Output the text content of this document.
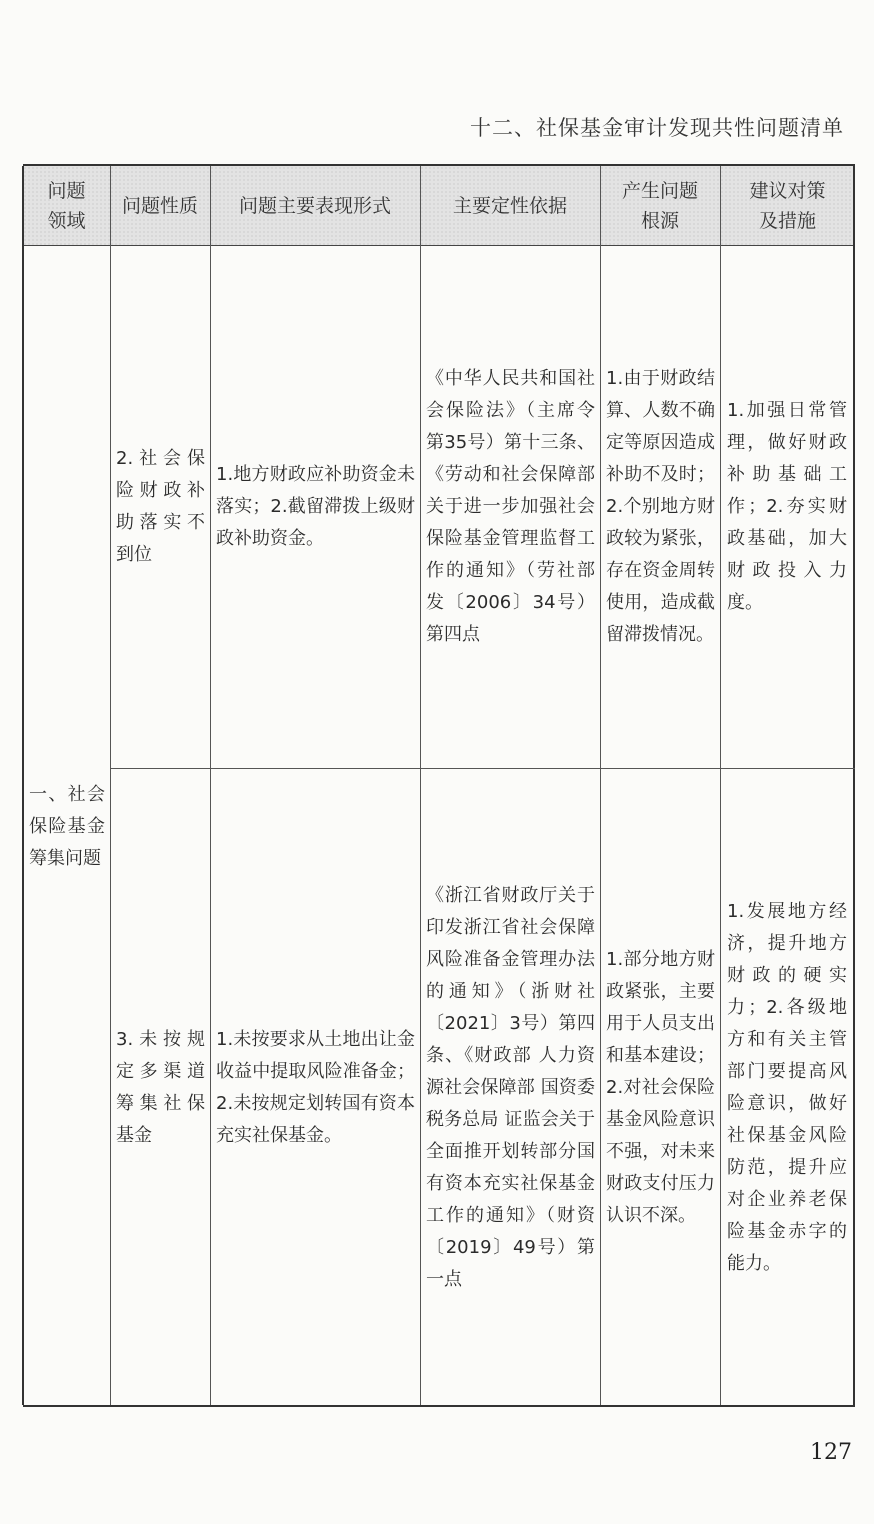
十二、社保基金审计发现共性问题清单
问题领域
问题性质 问题主要表现形式	主要定性依据
产生问题根源
建议对策及措施
一、社会保险基金筹集问题
2.社会保险财政补助落实不到位
1.地方财政应补助资金未落实；2.截留滞拨上级财政补助资金。
《中华人民共和国社会保险法》（主席令第35号）第十三条、《劳动和社会保障部关于进一步加强社会保险基金管理监督工作的通知》（劳社部发〔2006〕34号）第四点
1.由于财政结算、人数不确定等原因造成补助不及时；2.个别地方财政较为紧张，存在资金周转使用，造成截留滞拨情况。
1.加强日常管理，做好财政补助基础工作；2.夯实财政基础，加大财政投入力度。
3.未按规定多渠道筹集社保基金
1.未按要求从土地出让金收益中提取风险准备金；2.未按规定划转国有资本充实社保基金。
《浙江省财政厅关于印发浙江省社会保障风险准备金管理办法的通知》（浙财社〔2021〕3号）第四条、《财政部 人力资源社会保障部 国资委 税务总局 证监会关于全面推开划转部分国有资本充实社保基金工作的通知》（财资〔2019〕49号）第一点
1.部分地方财政紧张，主要用于人员支出和基本建设；2.对社会保险基金风险意识不强，对未来财政支付压力认识不深。
1.发展地方经济，提升地方财政的硬实力；2.各级地方和有关主管部门要提高风险意识，做好社保基金风险防范，提升应对企业养老保险基金赤字的能力。
127
